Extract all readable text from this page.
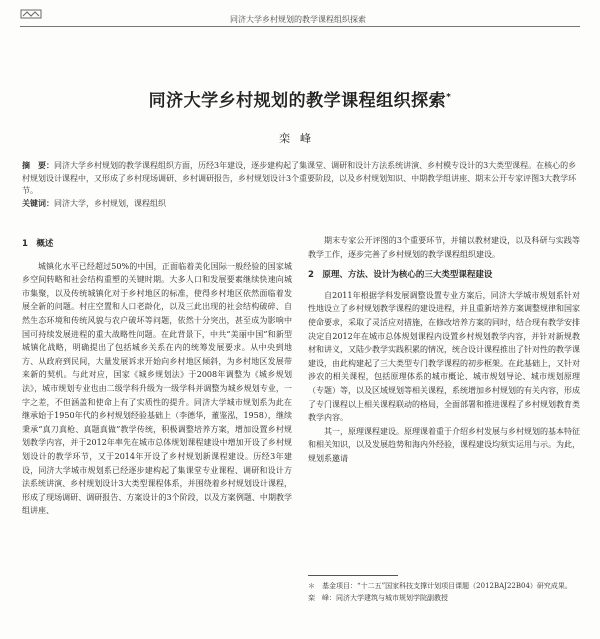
同济大学乡村规划的教学课程组织探索
同济大学乡村规划的教学课程组织探索*
栾峰
摘　要：同济大学乡村规划的教学课程组织方面，历经3年建设，逐步建构起了集课堂、调研和设计方法系统讲演、乡村模专设计的3大类型课程。在核心的乡村规划设计课程中，又形成了乡村现场调研、乡村调研报告，乡村规划设计3个重要阶段，以及乡村规划知识、中期教学组讲座、期末公开专家评图3大教学环节。
关键词：同济大学，乡村规划，课程组织
1　概述

城镇化水平已经超过50%的中国，正面临着美化国际一般经验的国家城乡空间转略和社会结构重塑的关键时期。大多人口和发展要素继续快速向城市集聚，以及传统城镇化对于乡村地区的标准，使得乡村地区依然面临着发展全新的问题。村庄空置和人口老龄化，以及三此出现的社会结构破碎、自然生态环境和传统风貌与农户破坏等问题，依然十分突出，甚至成为影响中国可持续发展进程的重大战略性问题。在此背景下，中共“美丽中国”和新型城镇化战略，明确提出了包括城乡关系在内的统筹发展要求。从中央到地方、从政府到民间，大量发展诉求开始向乡村地区倾斜，为乡村地区发展带来新的契机。与此对应，国家《城乡规划法》于2008年调整为《城乡规划法》，城市规划专业也由二级学科升级为一级学科并调整为城乡规划专业，一字之差，不但涵盖和使命上有了实质性的提升。同济大学城市规划系为此在继承始于1950年代的乡村规划经验基础上（李德华，董鉴泓，1958），继续秉承“真刀真枪、真题真做”教学传统，积极调整培养方案，增加设置乡村规划教学内容，并于2012年率先在城市总体规划课程建设中增加开设了乡村规划设计的教学环节，又于2014年开设了乡村规划新课程建设。历经3年建设，同济大学城市规划系已经逐步建构起了集课堂专业课程、调研和设计方法系统讲演、乡村规划设计3大类型课程体系，并围绕着乡村规划设计课程，形成了现场调研、调研报告、方案设计的3个阶段，以及方案例题、中期教学组讲座、

期末专家公开评图的3个重要环节，并辅以教材建设，以及科研与实践等教学工作，逐步完善了乡村规划的教学课程组织建设。

2　原理、方法、设计为核心的三大类型课程建设

自2011年根据学科发展调整设置专业方案后，同济大学城市规划系针对性地设立了乡村规划教学课程的建设进程，并且重新培养方案调整规律和国家使命要求，采取了灵活应对措施，在修改培养方案的同时，结合现有教学安排决定自2012年在城市总体规划课程内设置乡村规划教学内容，并针对新规教材和讲义，又陆少教学实践积累的情况，统合设计课程推出了针对性的教学课建设，由此构建起了三大类型专门教学课程的初步框架。在此基础上，又针对涉农的相关课程，包括原理体系的城市概论、城市规划导论、城市规划原理（专题）等，以及区域规划等相关课程，系统增加乡村规划的有关内容，形成了专门课程以上相关课程联动的格局，全面部署和推进课程了乡村规划教育类教学内容。

其一，原理课程建设。原理课着重于介绍乡村发展与乡村规划的基本特征和相关知识，以及发展趋势和海内外经验，课程建设均须实运用与示。为此，规划系邀请

＊　基金项目：“十二五”国家科技支撑计划项目课题（2012BAJ22B04）研究成果。
栾　峰：同济大学建筑与城市规划学院副教授
